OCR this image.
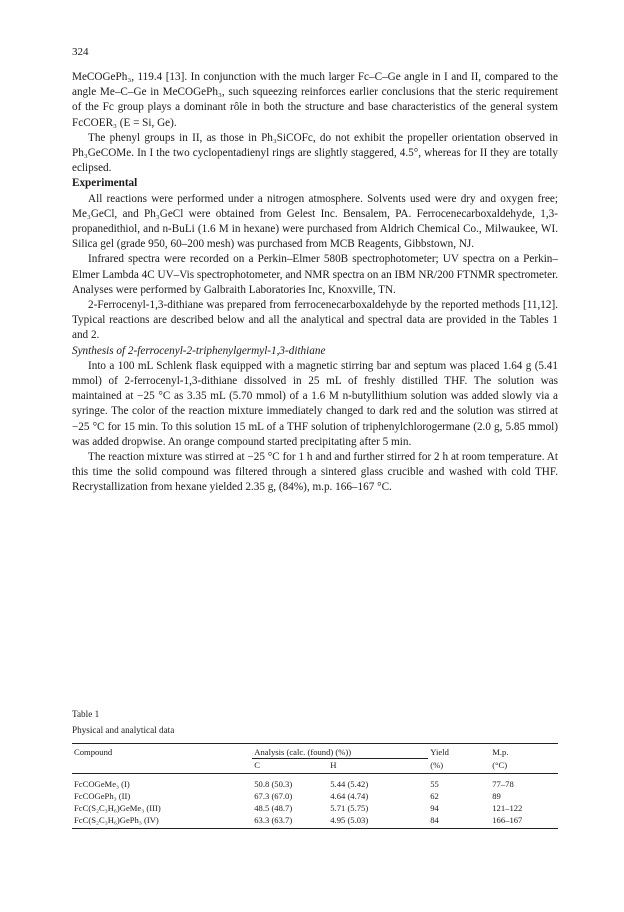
324

MeCOGePh₃, 119.4 [13]. In conjunction with the much larger Fc–C–Ge angle in I and II, compared to the angle Me–C–Ge in MeCOGePh₃, such squeezing reinforces earlier conclusions that the steric requirement of the Fc group plays a dominant rôle in both the structure and base characteristics of the general system FcCOER₃ (E = Si, Ge).

The phenyl groups in II, as those in Ph₃SiCOFc, do not exhibit the propeller orientation observed in Ph₃GeCOMe. In I the two cyclopentadienyl rings are slightly staggered, 4.5°, whereas for II they are totally eclipsed.

Experimental

All reactions were performed under a nitrogen atmosphere. Solvents used were dry and oxygen free; Me₃GeCl, and Ph₃GeCl were obtained from Gelest Inc. Bensalem, PA. Ferrocenecarboxaldehyde, 1,3-propanedithiol, and n-BuLi (1.6 M in hexane) were purchased from Aldrich Chemical Co., Milwaukee, WI. Silica gel (grade 950, 60–200 mesh) was purchased from MCB Reagents, Gibbstown, NJ.

Infrared spectra were recorded on a Perkin–Elmer 580B spectrophotometer; UV spectra on a Perkin–Elmer Lambda 4C UV–Vis spectrophotometer, and NMR spectra on an IBM NR/200 FTNMR spectrometer. Analyses were performed by Galbraith Laboratories Inc, Knoxville, TN.

2-Ferrocenyl-1,3-dithiane was prepared from ferrocenecarboxaldehyde by the reported methods [11,12]. Typical reactions are described below and all the analytical and spectral data are provided in the Tables 1 and 2.

Synthesis of 2-ferrocenyl-2-triphenylgermyl-1,3-dithiane

Into a 100 mL Schlenk flask equipped with a magnetic stirring bar and septum was placed 1.64 g (5.41 mmol) of 2-ferrocenyl-1,3-dithiane dissolved in 25 mL of freshly distilled THF. The solution was maintained at −25 °C as 3.35 mL (5.70 mmol) of a 1.6 M n-butyllithium solution was added slowly via a syringe. The color of the reaction mixture immediately changed to dark red and the solution was stirred at −25 °C for 15 min. To this solution 15 mL of a THF solution of triphenylchlorogermane (2.0 g, 5.85 mmol) was added dropwise. An orange compound started precipitating after 5 min.

The reaction mixture was stirred at −25 °C for 1 h and and further stirred for 2 h at room temperature. At this time the solid compound was filtered through a sintered glass crucible and washed with cold THF. Recrystallization from hexane yielded 2.35 g, (84%), m.p. 166–167 °C.

Table 1

Physical and analytical data

Compound	Analysis (calc. (found) (%))		Yield	M.p.
	C	H	(%)	(°C)
FcCOGeMe₃ (I)	50.8 (50.3)	5.44 (5.42)	55	77–78
FcCOGePh₃ (II)	67.3 (67.0)	4.64 (4.74)	62	89
FcC(S₂C₃H₆)GeMe₃ (III)	48.5 (48.7)	5.71 (5.75)	94	121–122
FcC(S₂C₃H₆)GePh₃ (IV)	63.3 (63.7)	4.95 (5.03)	84	166–167
